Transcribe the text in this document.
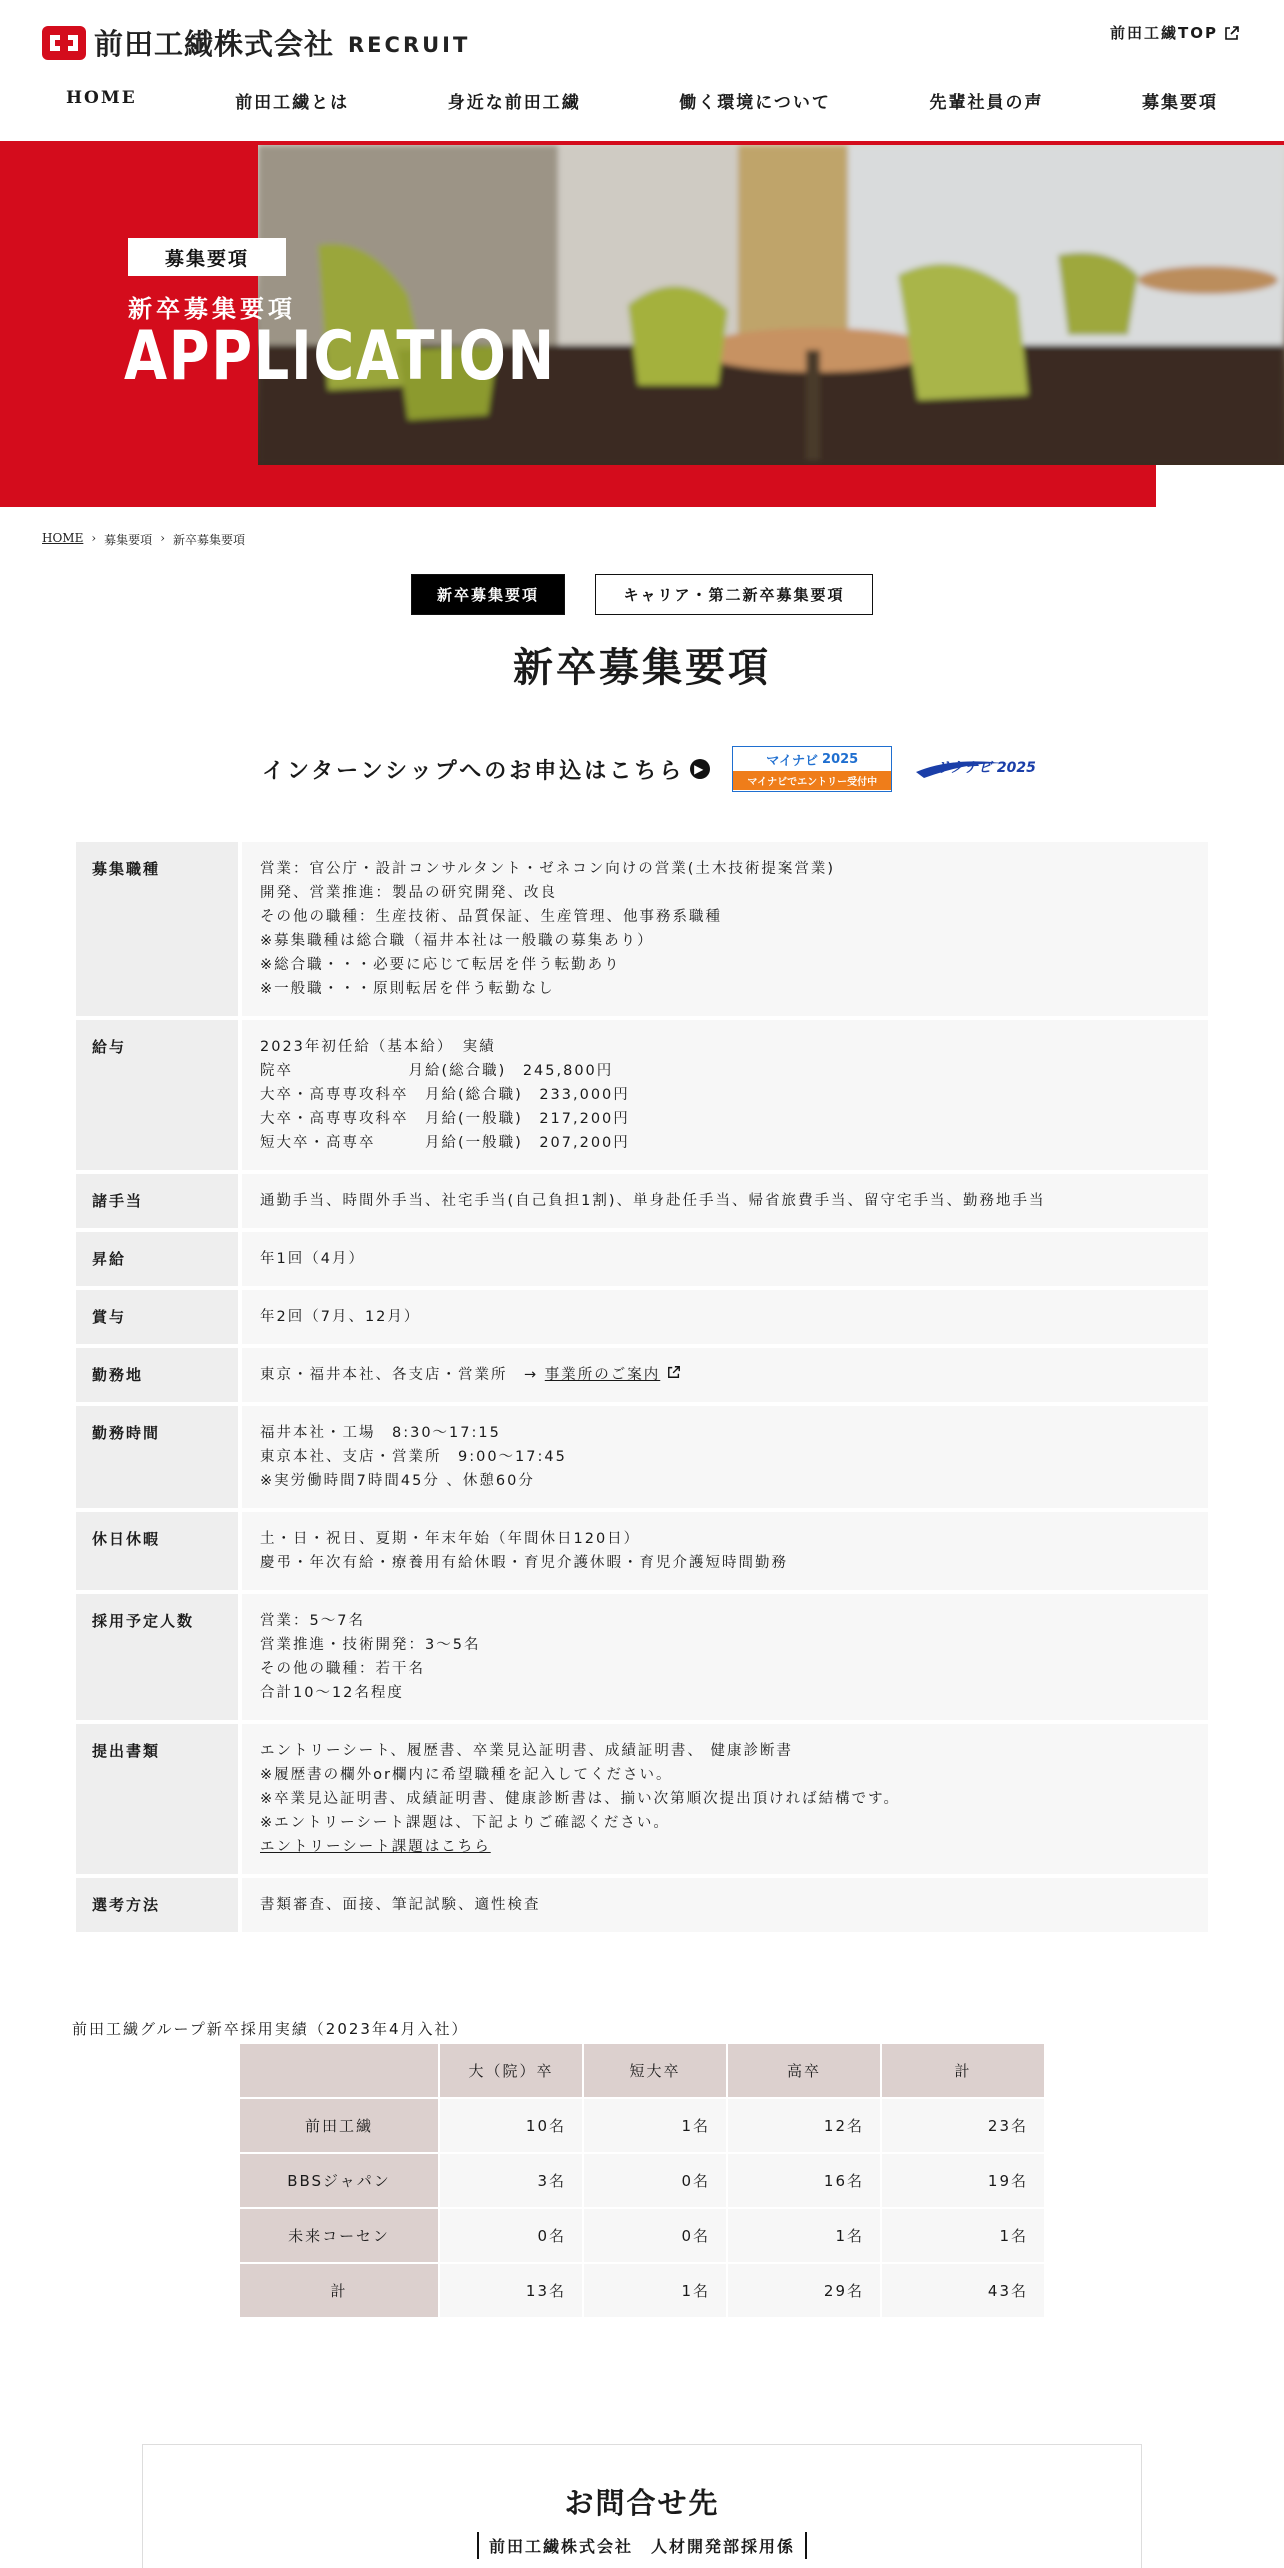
前田工繊株式会社 RECRUIT	前田工繊TOP
HOME	前田工繊とは	身近な前田工繊	働く環境について	先輩社員の声	募集要項
募集要項
新卒募集要項
APPLICATION
HOME › 募集要項 › 新卒募集要項
新卒募集要項	キャリア・第二新卒募集要項
新卒募集要項
インターンシップへのお申込はこちら ▶
マイナビ 2025
マイナビでエントリー受付中
リクナビ 2025
募集職種	営業：官公庁・設計コンサルタント・ゼネコン向けの営業(土木技術提案営業)
開発、営業推進：製品の研究開発、改良
その他の職種：生産技術、品質保証、生産管理、他事務系職種
※募集職種は総合職（福井本社は一般職の募集あり）
※総合職・・・必要に応じて転居を伴う転勤あり
※一般職・・・原則転居を伴う転勤なし
給与	2023年初任給（基本給）　実績
院卒　　　　　　　月給(総合職)　245,800円
大卒・高専専攻科卒　月給(総合職)　233,000円
大卒・高専専攻科卒　月給(一般職)　217,200円
短大卒・高専卒　　　月給(一般職)　207,200円
諸手当	通勤手当、時間外手当、社宅手当(自己負担1割)、単身赴任手当、帰省旅費手当、留守宅手当、勤務地手当
昇給	年1回（4月）
賞与	年2回（7月、12月）
勤務地	東京・福井本社、各支店・営業所　→ 事業所のご案内
勤務時間	福井本社・工場　8:30～17:15
東京本社、支店・営業所　9:00～17:45
※実労働時間7時間45分 、休憩60分
休日休暇	土・日・祝日、夏期・年末年始（年間休日120日）
慶弔・年次有給・療養用有給休暇・育児介護休暇・育児介護短時間勤務
採用予定人数	営業：5～7名
営業推進・技術開発：3～5名
その他の職種：若干名
合計10～12名程度
提出書類	エントリーシート、履歴書、卒業見込証明書、成績証明書、 健康診断書
※履歴書の欄外or欄内に希望職種を記入してください。
※卒業見込証明書、成績証明書、健康診断書は、揃い次第順次提出頂ければ結構です。
※エントリーシート課題は、下記よりご確認ください。
エントリーシート課題はこちら
選考方法	書類審査、面接、筆記試験、適性検査
前田工繊グループ新卒採用実績（2023年4月入社）
	大（院）卒	短大卒	高卒	計
前田工繊	10名	1名	12名	23名
BBSジャパン	3名	0名	16名	19名
未来コーセン	0名	0名	1名	1名
計	13名	1名	29名	43名
お問合せ先
前田工繊株式会社　人材開発部採用係
